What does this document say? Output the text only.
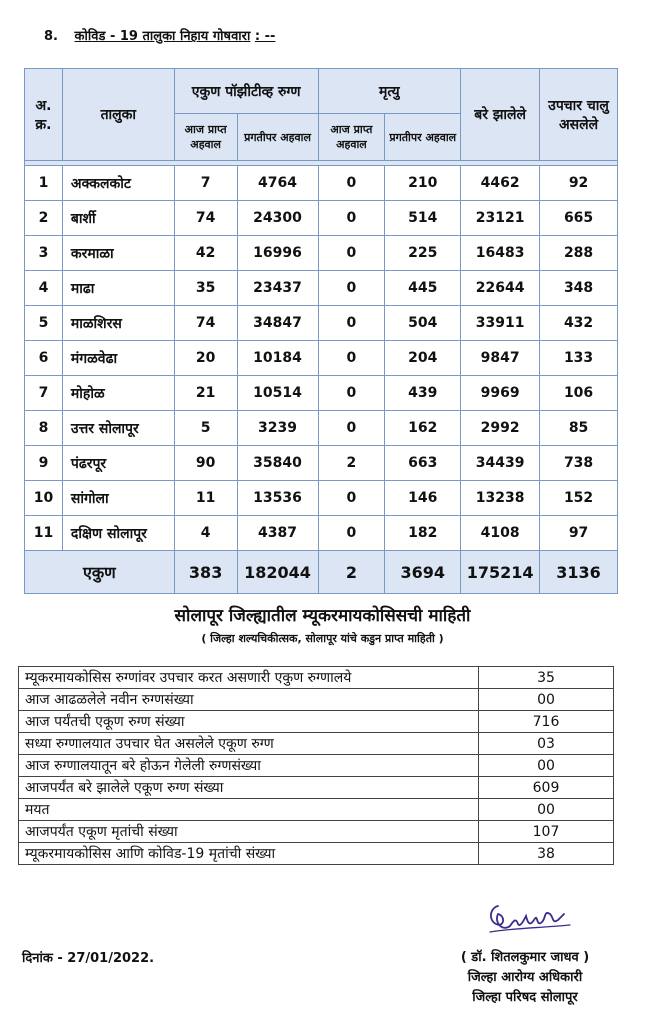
8. कोविड - 19 तालुका निहाय गोषवारा : --
अ. क्र.	तालुका	एकुण पॉझीटीव्ह रुग्ण		मृत्यु		बरे झालेले	उपचार चालु असलेले
		आज प्राप्त अहवाल	प्रगतीपर अहवाल	आज प्राप्त अहवाल	प्रगतीपर अहवाल		

1	अक्कलकोट	7	4764	0	210	4462	92
2	बार्शी	74	24300	0	514	23121	665
3	करमाळा	42	16996	0	225	16483	288
4	माढा	35	23437	0	445	22644	348
5	माळशिरस	74	34847	0	504	33911	432
6	मंगळवेढा	20	10184	0	204	9847	133
7	मोहोळ	21	10514	0	439	9969	106
8	उत्तर सोलापूर	5	3239	0	162	2992	85
9	पंढरपूर	90	35840	2	663	34439	738
10	सांगोला	11	13536	0	146	13238	152
11	दक्षिण सोलापूर	4	4387	0	182	4108	97
एकुण		383	182044	2	3694	175214	3136
सोलापूर जिल्ह्यातील म्यूकरमायकोसिसची माहिती
( जिल्हा शल्यचिकीत्सक, सोलापूर यांचे कडुन प्राप्त माहिती )
म्यूकरमायकोसिस रुग्णांवर उपचार करत असणारी एकुण रुग्णालये	35
आज आढळलेले नवीन रुग्णसंख्या	00
आज पर्यंतची एकूण रुग्ण संख्या	716
सध्या रुग्णालयात उपचार घेत असलेले एकूण रुग्ण	03
आज रुग्णालयातून बरे होऊन गेलेली रुग्णसंख्या	00
आजपर्यंत बरे झालेले एकूण रुग्ण संख्या	609
मयत	00
आजपर्यंत एकूण मृतांची संख्या	107
म्यूकरमायकोसिस आणि कोविड-19 मृतांची संख्या	38
दिनांक - 27/01/2022.	( डॉ. शितलकुमार जाधव )
जिल्हा आरोग्य अधिकारी
जिल्हा परिषद सोलापूर
